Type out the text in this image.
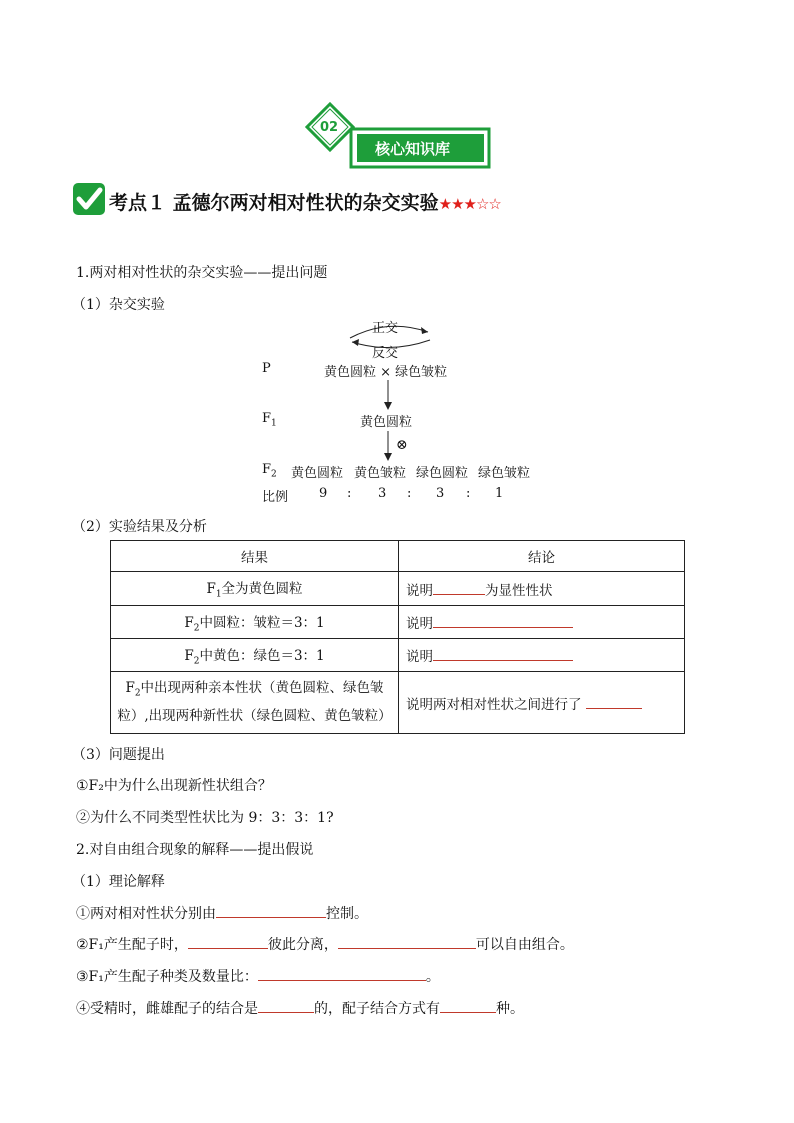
02
核心知识库
考点１ 孟德尔两对相对性状的杂交实验★★★☆☆
1.两对相对性状的杂交实验——提出问题
（1）杂交实验
正交
反交
P	黄色圆粒 × 绿色皱粒
$F_1$	黄色圆粒
⊗
$F_2$ 黄色圆粒 黄色皱粒 绿色圆粒 绿色皱粒
比例 9 : 3 : 3 : 1
（2）实验结果及分析
结果	结论
$F_1$全为黄色圆粒	说明 为显性性状
$F_2$中圆粒：皱粒＝3：1	说明
$F_2$中黄色：绿色＝3：1	说明
$F_2$中出现两种亲本性状（黄色圆粒、绿色皱粒）,出现两种新性状（绿色圆粒、黄色皱粒）	说明两对相对性状之间进行了
（3）问题提出
①F₂中为什么出现新性状组合？
②为什么不同类型性状比为 9：3：3：1?
2.对自由组合现象的解释——提出假说
（1）理论解释
①两对相对性状分别由	控制。
②F₁产生配子时，	彼此分离，	可以自由组合。
③F₁产生配子种类及数量比：	。
④受精时，雌雄配子的结合是	的，配子结合方式有	种。
